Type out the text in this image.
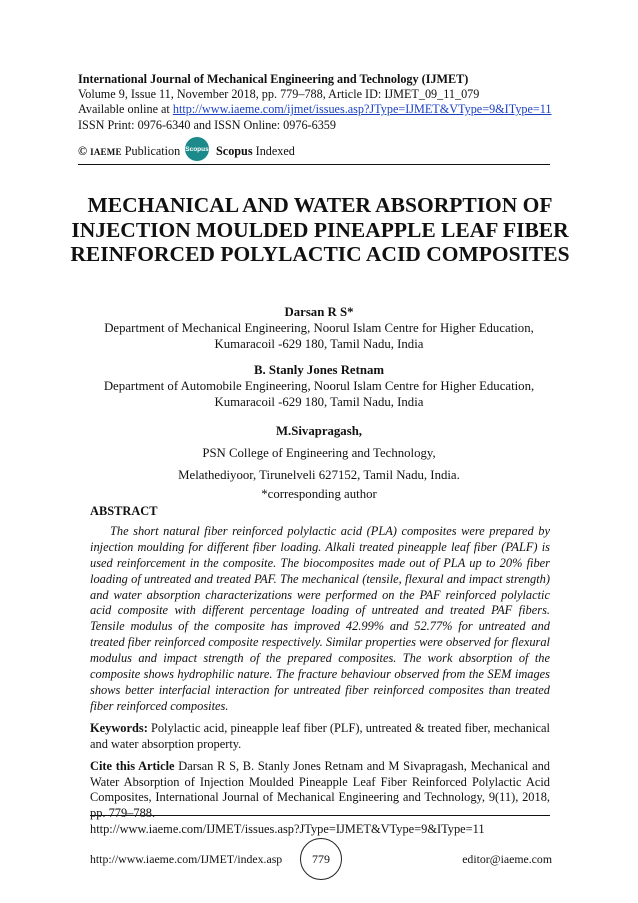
International Journal of Mechanical Engineering and Technology (IJMET)
Volume 9, Issue 11, November 2018, pp. 779–788, Article ID: IJMET_09_11_079
Available online at http://www.iaeme.com/ijmet/issues.asp?JType=IJMET&VType=9&IType=11
ISSN Print: 0976-6340 and ISSN Online: 0976-6359
© IAEME Publication Scopus Scopus Indexed
MECHANICAL AND WATER ABSORPTION OF INJECTION MOULDED PINEAPPLE LEAF FIBER REINFORCED POLYLACTIC ACID COMPOSITES
Darsan R S*
Department of Mechanical Engineering, Noorul Islam Centre for Higher Education,
Kumaracoil -629 180, Tamil Nadu, India
B. Stanly Jones Retnam
Department of Automobile Engineering, Noorul Islam Centre for Higher Education,
Kumaracoil -629 180, Tamil Nadu, India
M.Sivapragash,
PSN College of Engineering and Technology,
Melathediyoor, Tirunelveli 627152, Tamil Nadu, India.
*corresponding author
ABSTRACT

The short natural fiber reinforced polylactic acid (PLA) composites were prepared by injection moulding for different fiber loading. Alkali treated pineapple leaf fiber (PALF) is used reinforcement in the composite. The biocomposites made out of PLA up to 20% fiber loading of untreated and treated PAF. The mechanical (tensile, flexural and impact strength) and water absorption characterizations were performed on the PAF reinforced polylactic acid composite with different percentage loading of untreated and treated PAF fibers. Tensile modulus of the composite has improved 42.99% and 52.77% for untreated and treated fiber reinforced composite respectively. Similar properties were observed for flexural modulus and impact strength of the prepared composites. The work absorption of the composite shows hydrophilic nature. The fracture behaviour observed from the SEM images shows better interfacial interaction for untreated fiber reinforced composites than treated fiber reinforced composites.

Keywords: Polylactic acid, pineapple leaf fiber (PLF), untreated & treated fiber, mechanical and water absorption property.
Cite this Article Darsan R S, B. Stanly Jones Retnam and M Sivapragash, Mechanical and Water Absorption of Injection Moulded Pineapple Leaf Fiber Reinforced Polylactic Acid Composites, International Journal of Mechanical Engineering and Technology, 9(11), 2018, pp. 779–788.
http://www.iaeme.com/IJMET/issues.asp?JType=IJMET&VType=9&IType=11
http://www.iaeme.com/IJMET/index.asp	779	editor@iaeme.com
